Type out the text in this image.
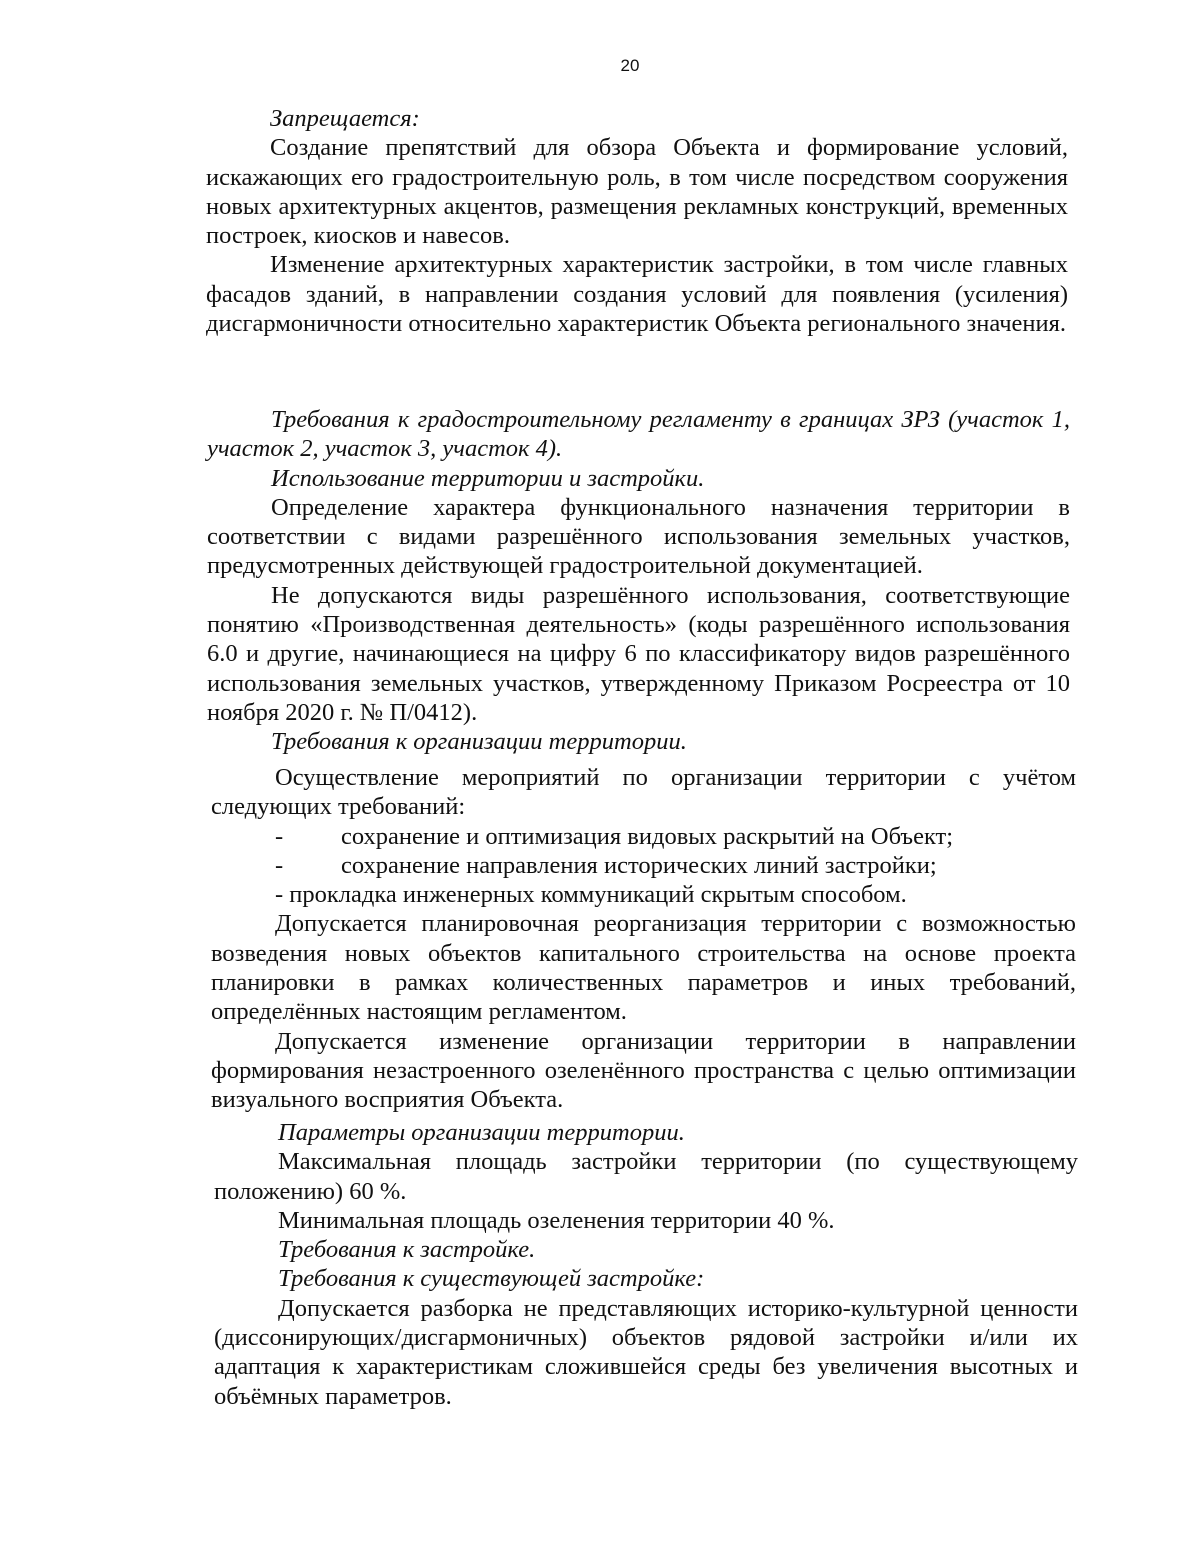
20

Запрещается:

Создание препятствий для обзора Объекта и формирование условий, искажающих его градостроительную роль, в том числе посредством сооружения новых архитектурных акцентов, размещения рекламных конструкций, временных построек, киосков и навесов.

Изменение архитектурных характеристик застройки, в том числе главных фасадов зданий, в направлении создания условий для появления (усиления) дисгармоничности относительно характеристик Объекта регионального значения.

Требования к градостроительному регламенту в границах ЗРЗ (участок 1, участок 2, участок 3, участок 4).

Использование территории и застройки.

Определение характера функционального назначения территории в соответствии с видами разрешённого использования земельных участков, предусмотренных действующей градостроительной документацией.

Не допускаются виды разрешённого использования, соответствующие понятию «Производственная деятельность» (коды разрешённого использования 6.0 и другие, начинающиеся на цифру 6 по классификатору видов разрешённого использования земельных участков, утвержденному Приказом Росреестра от 10 ноября 2020 г. № П/0412).

Требования к организации территории.

Осуществление мероприятий по организации территории с учётом следующих требований:

-	сохранение и оптимизация видовых раскрытий на Объект;
-	сохранение направления исторических линий застройки;

- прокладка инженерных коммуникаций скрытым способом.

Допускается планировочная реорганизация территории с возможностью возведения новых объектов капитального строительства на основе проекта планировки в рамках количественных параметров и иных требований, определённых настоящим регламентом.

Допускается изменение организации территории в направлении формирования незастроенного озеленённого пространства с целью оптимизации визуального восприятия Объекта.

Параметры организации территории.

Максимальная площадь застройки территории (по существующему положению) 60 %.

Минимальная площадь озеленения территории 40 %.

Требования к застройке.

Требования к существующей застройке:

Допускается разборка не представляющих историко-культурной ценности (диссонирующих/дисгармоничных) объектов рядовой застройки и/или их адаптация к характеристикам сложившейся среды без увеличения высотных и объёмных параметров.
